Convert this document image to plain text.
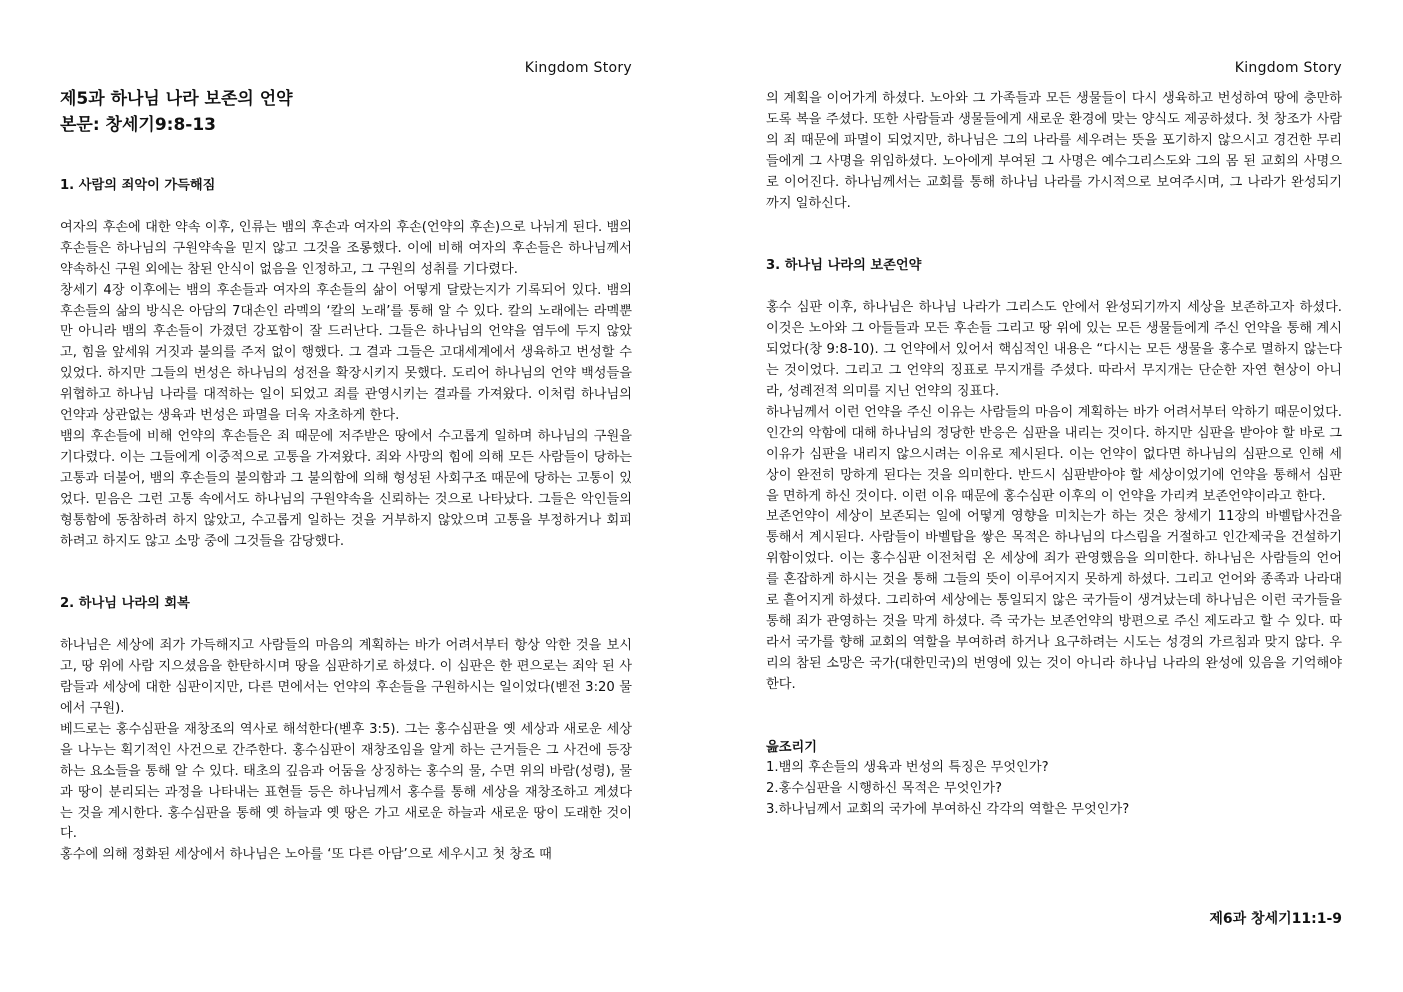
Kingdom Story
제5과 하나님 나라 보존의 언약
본문: 창세기9:8-13
1. 사람의 죄악이 가득해짐

여자의 후손에 대한 약속 이후, 인류는 뱀의 후손과 여자의 후손(언약의 후손)으로 나뉘게 된다. 뱀의 후손들은 하나님의 구원약속을 믿지 않고 그것을 조롱했다. 이에 비해 여자의 후손들은 하나님께서 약속하신 구원 외에는 참된 안식이 없음을 인정하고, 그 구원의 성취를 기다렸다.

창세기 4장 이후에는 뱀의 후손들과 여자의 후손들의 삶이 어떻게 달랐는지가 기록되어 있다. 뱀의 후손들의 삶의 방식은 아담의 7대손인 라멕의 ‘칼의 노래’를 통해 알 수 있다. 칼의 노래에는 라멕뿐만 아니라 뱀의 후손들이 가졌던 강포함이 잘 드러난다. 그들은 하나님의 언약을 염두에 두지 않았고, 힘을 앞세워 거짓과 불의를 주저 없이 행했다. 그 결과 그들은 고대세계에서 생육하고 번성할 수 있었다. 하지만 그들의 번성은 하나님의 성전을 확장시키지 못했다. 도리어 하나님의 언약 백성들을 위협하고 하나님 나라를 대적하는 일이 되었고 죄를 관영시키는 결과를 가져왔다. 이처럼 하나님의 언약과 상관없는 생육과 번성은 파멸을 더욱 자초하게 한다.

뱀의 후손들에 비해 언약의 후손들은 죄 때문에 저주받은 땅에서 수고롭게 일하며 하나님의 구원을 기다렸다. 이는 그들에게 이중적으로 고통을 가져왔다. 죄와 사망의 힘에 의해 모든 사람들이 당하는 고통과 더불어, 뱀의 후손들의 불의함과 그 불의함에 의해 형성된 사회구조 때문에 당하는 고통이 있었다. 믿음은 그런 고통 속에서도 하나님의 구원약속을 신뢰하는 것으로 나타났다. 그들은 악인들의 형통함에 동참하려 하지 않았고, 수고롭게 일하는 것을 거부하지 않았으며 고통을 부정하거나 회피하려고 하지도 않고 소망 중에 그것들을 감당했다.

2. 하나님 나라의 회복

하나님은 세상에 죄가 가득해지고 사람들의 마음의 계획하는 바가 어려서부터 항상 악한 것을 보시고, 땅 위에 사람 지으셨음을 한탄하시며 땅을 심판하기로 하셨다. 이 심판은 한 편으로는 죄악 된 사람들과 세상에 대한 심판이지만, 다른 면에서는 언약의 후손들을 구원하시는 일이었다(벧전 3:20 물에서 구원).

베드로는 홍수심판을 재창조의 역사로 해석한다(벧후 3:5). 그는 홍수심판을 옛 세상과 새로운 세상을 나누는 획기적인 사건으로 간주한다. 홍수심판이 재창조임을 알게 하는 근거들은 그 사건에 등장하는 요소들을 통해 알 수 있다. 태초의 깊음과 어둠을 상징하는 홍수의 물, 수면 위의 바람(성령), 물과 땅이 분리되는 과정을 나타내는 표현들 등은 하나님께서 홍수를 통해 세상을 재창조하고 계셨다는 것을 계시한다. 홍수심판을 통해 옛 하늘과 옛 땅은 가고 새로운 하늘과 새로운 땅이 도래한 것이다.

홍수에 의해 정화된 세상에서 하나님은 노아를 ‘또 다른 아담’으로 세우시고 첫 창조 때

Kingdom Story

의 계획을 이어가게 하셨다. 노아와 그 가족들과 모든 생물들이 다시 생육하고 번성하여 땅에 충만하도록 복을 주셨다. 또한 사람들과 생물들에게 새로운 환경에 맞는 양식도 제공하셨다. 첫 창조가 사람의 죄 때문에 파멸이 되었지만, 하나님은 그의 나라를 세우려는 뜻을 포기하지 않으시고 경건한 무리들에게 그 사명을 위임하셨다. 노아에게 부여된 그 사명은 예수그리스도와 그의 몸 된 교회의 사명으로 이어진다. 하나님께서는 교회를 통해 하나님 나라를 가시적으로 보여주시며, 그 나라가 완성되기까지 일하신다.

3. 하나님 나라의 보존언약

홍수 심판 이후, 하나님은 하나님 나라가 그리스도 안에서 완성되기까지 세상을 보존하고자 하셨다. 이것은 노아와 그 아들들과 모든 후손들 그리고 땅 위에 있는 모든 생물들에게 주신 언약을 통해 계시되었다(창 9:8-10). 그 언약에서 있어서 핵심적인 내용은 “다시는 모든 생물을 홍수로 멸하지 않는다는 것이었다. 그리고 그 언약의 징표로 무지개를 주셨다. 따라서 무지개는 단순한 자연 현상이 아니라, 성례전적 의미를 지닌 언약의 징표다.

하나님께서 이런 언약을 주신 이유는 사람들의 마음이 계획하는 바가 어려서부터 악하기 때문이었다. 인간의 악함에 대해 하나님의 정당한 반응은 심판을 내리는 것이다. 하지만 심판을 받아야 할 바로 그 이유가 심판을 내리지 않으시려는 이유로 제시된다. 이는 언약이 없다면 하나님의 심판으로 인해 세상이 완전히 망하게 된다는 것을 의미한다. 반드시 심판받아야 할 세상이었기에 언약을 통해서 심판을 면하게 하신 것이다. 이런 이유 때문에 홍수심판 이후의 이 언약을 가리켜 보존언약이라고 한다.

보존언약이 세상이 보존되는 일에 어떻게 영향을 미치는가 하는 것은 창세기 11장의 바벨탑사건을 통해서 계시된다. 사람들이 바벨탑을 쌓은 목적은 하나님의 다스림을 거절하고 인간제국을 건설하기 위함이었다. 이는 홍수심판 이전처럼 온 세상에 죄가 관영했음을 의미한다. 하나님은 사람들의 언어를 혼잡하게 하시는 것을 통해 그들의 뜻이 이루어지지 못하게 하셨다. 그리고 언어와 종족과 나라대로 흩어지게 하셨다. 그리하여 세상에는 통일되지 않은 국가들이 생겨났는데 하나님은 이런 국가들을 통해 죄가 관영하는 것을 막게 하셨다. 즉 국가는 보존언약의 방편으로 주신 제도라고 할 수 있다. 따라서 국가를 향해 교회의 역할을 부여하려 하거나 요구하려는 시도는 성경의 가르침과 맞지 않다. 우리의 참된 소망은 국가(대한민국)의 번영에 있는 것이 아니라 하나님 나라의 완성에 있음을 기억해야 한다.

읊조리기
1.뱀의 후손들의 생육과 번성의 특징은 무엇인가?
2.홍수심판을 시행하신 목적은 무엇인가?
3.하나님께서 교회의 국가에 부여하신 각각의 역할은 무엇인가?
제6과 창세기11:1-9
